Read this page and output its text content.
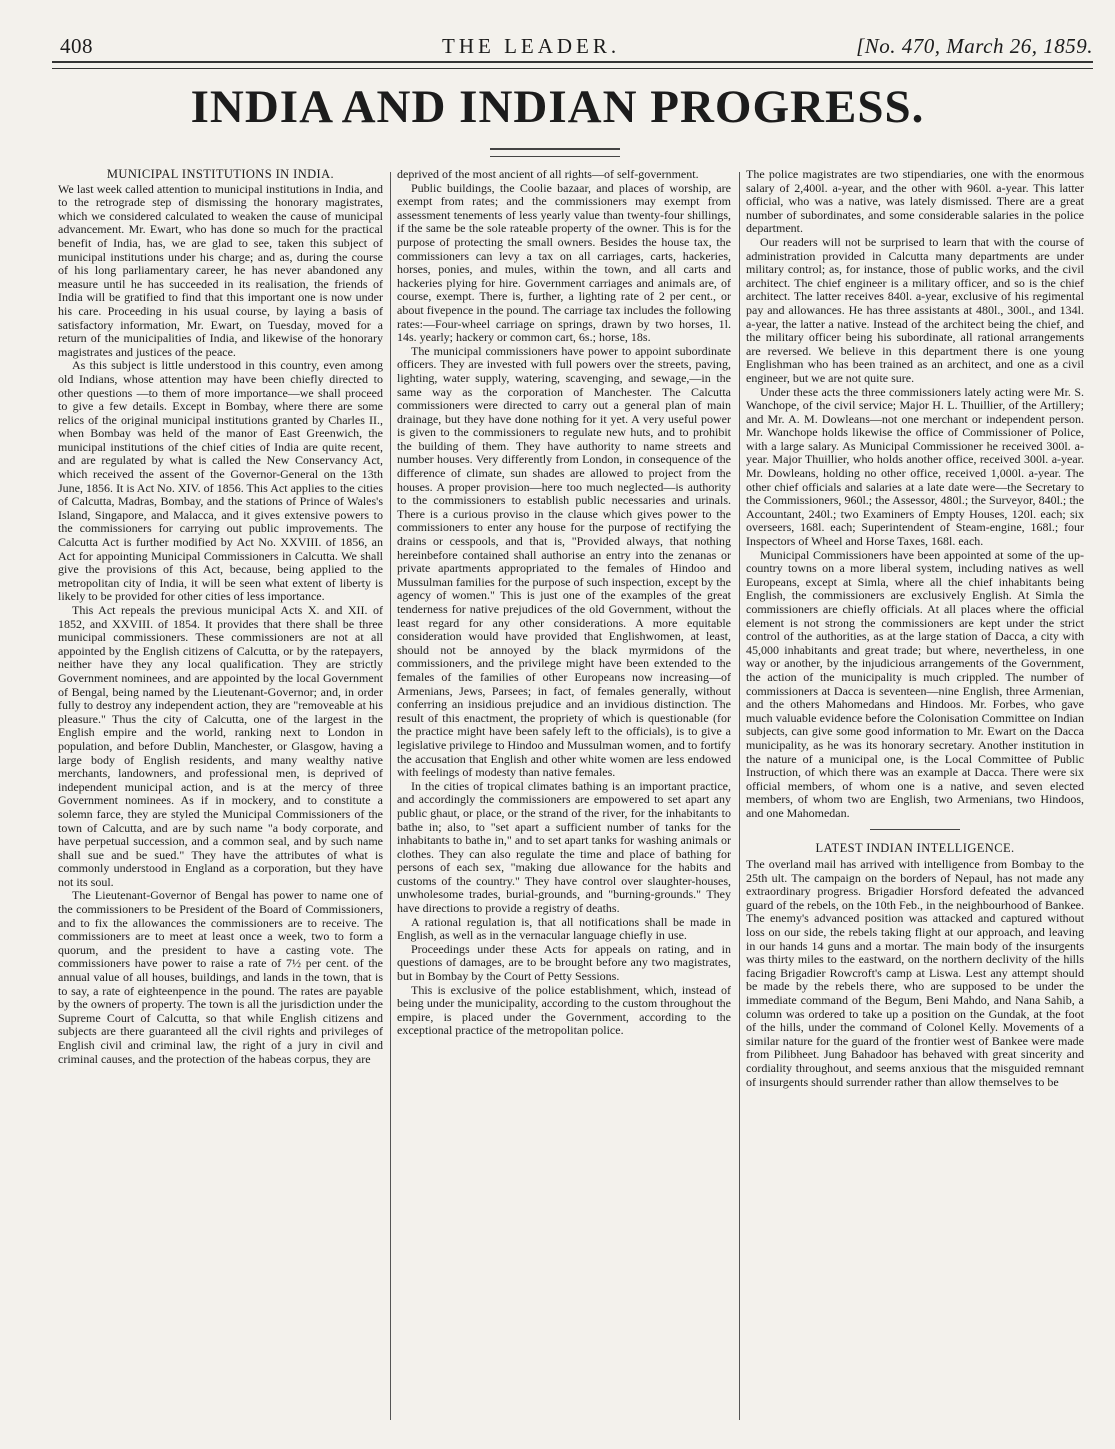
408	THE LEADER.	[No. 470, March 26, 1859.
INDIA AND INDIAN PROGRESS.
MUNICIPAL INSTITUTIONS IN INDIA.

We last week called attention to municipal institutions in India, and to the retrograde step of dismissing the honorary magistrates, which we considered calculated to weaken the cause of municipal advancement. Mr. Ewart, who has done so much for the practical benefit of India, has, we are glad to see, taken this subject of municipal institutions under his charge; and as, during the course of his long parliamentary career, he has never abandoned any measure until he has succeeded in its realisation, the friends of India will be gratified to find that this important one is now under his care. Proceeding in his usual course, by laying a basis of satisfactory information, Mr. Ewart, on Tuesday, moved for a return of the municipalities of India, and likewise of the honorary magistrates and justices of the peace.

As this subject is little understood in this country, even among old Indians, whose attention may have been chiefly directed to other questions —to them of more importance—we shall proceed to give a few details. Except in Bombay, where there are some relics of the original municipal institutions granted by Charles II., when Bombay was held of the manor of East Greenwich, the municipal institutions of the chief cities of India are quite recent, and are regulated by what is called the New Conservancy Act, which received the assent of the Governor-General on the 13th June, 1856. It is Act No. XIV. of 1856. This Act applies to the cities of Calcutta, Madras, Bombay, and the stations of Prince of Wales's Island, Singapore, and Malacca, and it gives extensive powers to the commissioners for carrying out public improvements. The Calcutta Act is further modified by Act No. XXVIII. of 1856, an Act for appointing Municipal Commissioners in Calcutta. We shall give the provisions of this Act, because, being applied to the metropolitan city of India, it will be seen what extent of liberty is likely to be provided for other cities of less importance.

This Act repeals the previous municipal Acts X. and XII. of 1852, and XXVIII. of 1854. It provides that there shall be three municipal commissioners. These commissioners are not at all appointed by the English citizens of Calcutta, or by the ratepayers, neither have they any local qualification. They are strictly Government nominees, and are appointed by the local Government of Bengal, being named by the Lieutenant-Governor; and, in order fully to destroy any independent action, they are "removeable at his pleasure." Thus the city of Calcutta, one of the largest in the English empire and the world, ranking next to London in population, and before Dublin, Manchester, or Glasgow, having a large body of English residents, and many wealthy native merchants, landowners, and professional men, is deprived of independent municipal action, and is at the mercy of three Government nominees. As if in mockery, and to constitute a solemn farce, they are styled the Municipal Commissioners of the town of Calcutta, and are by such name "a body corporate, and have perpetual succession, and a common seal, and by such name shall sue and be sued." They have the attributes of what is commonly understood in England as a corporation, but they have not its soul.

The Lieutenant-Governor of Bengal has power to name one of the commissioners to be President of the Board of Commissioners, and to fix the allowances the commissioners are to receive. The commissioners are to meet at least once a week, two to form a quorum, and the president to have a casting vote. The commissioners have power to raise a rate of 7½ per cent. of the annual value of all houses, buildings, and lands in the town, that is to say, a rate of eighteenpence in the pound. The rates are payable by the owners of property. The town is all the jurisdiction under the Supreme Court of Calcutta, so that while English citizens and subjects are there guaranteed all the civil rights and privileges of English civil and criminal law, the right of a jury in civil and criminal causes, and the protection of the habeas corpus, they are

deprived of the most ancient of all rights—of self-government.

Public buildings, the Coolie bazaar, and places of worship, are exempt from rates; and the commissioners may exempt from assessment tenements of less yearly value than twenty-four shillings, if the same be the sole rateable property of the owner. This is for the purpose of protecting the small owners. Besides the house tax, the commissioners can levy a tax on all carriages, carts, hackeries, horses, ponies, and mules, within the town, and all carts and hackeries plying for hire. Government carriages and animals are, of course, exempt. There is, further, a lighting rate of 2 per cent., or about fivepence in the pound. The carriage tax includes the following rates:—Four-wheel carriage on springs, drawn by two horses, 1l. 14s. yearly; hackery or common cart, 6s.; horse, 18s.

The municipal commissioners have power to appoint subordinate officers. They are invested with full powers over the streets, paving, lighting, water supply, watering, scavenging, and sewage,—in the same way as the corporation of Manchester. The Calcutta commissioners were directed to carry out a general plan of main drainage, but they have done nothing for it yet. A very useful power is given to the commissioners to regulate new huts, and to prohibit the building of them. They have authority to name streets and number houses. Very differently from London, in consequence of the difference of climate, sun shades are allowed to project from the houses. A proper provision—here too much neglected—is authority to the commissioners to establish public necessaries and urinals. There is a curious proviso in the clause which gives power to the commissioners to enter any house for the purpose of rectifying the drains or cesspools, and that is, "Provided always, that nothing hereinbefore contained shall authorise an entry into the zenanas or private apartments appropriated to the females of Hindoo and Mussulman families for the purpose of such inspection, except by the agency of women." This is just one of the examples of the great tenderness for native prejudices of the old Government, without the least regard for any other considerations. A more equitable consideration would have provided that Englishwomen, at least, should not be annoyed by the black myrmidons of the commissioners, and the privilege might have been extended to the females of the families of other Europeans now increasing—of Armenians, Jews, Parsees; in fact, of females generally, without conferring an insidious prejudice and an invidious distinction. The result of this enactment, the propriety of which is questionable (for the practice might have been safely left to the officials), is to give a legislative privilege to Hindoo and Mussulman women, and to fortify the accusation that English and other white women are less endowed with feelings of modesty than native females.

In the cities of tropical climates bathing is an important practice, and accordingly the commissioners are empowered to set apart any public ghaut, or place, or the strand of the river, for the inhabitants to bathe in; also, to "set apart a sufficient number of tanks for the inhabitants to bathe in," and to set apart tanks for washing animals or clothes. They can also regulate the time and place of bathing for persons of each sex, "making due allowance for the habits and customs of the country." They have control over slaughter-houses, unwholesome trades, burial-grounds, and "burning-grounds." They have directions to provide a registry of deaths.

A rational regulation is, that all notifications shall be made in English, as well as in the vernacular language chiefly in use.

Proceedings under these Acts for appeals on rating, and in questions of damages, are to be brought before any two magistrates, but in Bombay by the Court of Petty Sessions.

This is exclusive of the police establishment, which, instead of being under the municipality, according to the custom throughout the empire, is placed under the Government, according to the exceptional practice of the metropolitan police.

The police magistrates are two stipendiaries, one with the enormous salary of 2,400l. a-year, and the other with 960l. a-year. This latter official, who was a native, was lately dismissed. There are a great number of subordinates, and some considerable salaries in the police department.

Our readers will not be surprised to learn that with the course of administration provided in Calcutta many departments are under military control; as, for instance, those of public works, and the civil architect. The chief engineer is a military officer, and so is the chief architect. The latter receives 840l. a-year, exclusive of his regimental pay and allowances. He has three assistants at 480l., 300l., and 134l. a-year, the latter a native. Instead of the architect being the chief, and the military officer being his subordinate, all rational arrangements are reversed. We believe in this department there is one young Englishman who has been trained as an architect, and one as a civil engineer, but we are not quite sure.

Under these acts the three commissioners lately acting were Mr. S. Wanchope, of the civil service; Major H. L. Thuillier, of the Artillery; and Mr. A. M. Dowleans—not one merchant or independent person. Mr. Wanchope holds likewise the office of Commissioner of Police, with a large salary. As Municipal Commissioner he received 300l. a-year. Major Thuillier, who holds another office, received 300l. a-year. Mr. Dowleans, holding no other office, received 1,000l. a-year. The other chief officials and salaries at a late date were—the Secretary to the Commissioners, 960l.; the Assessor, 480l.; the Surveyor, 840l.; the Accountant, 240l.; two Examiners of Empty Houses, 120l. each; six overseers, 168l. each; Superintendent of Steam-engine, 168l.; four Inspectors of Wheel and Horse Taxes, 168l. each.

Municipal Commissioners have been appointed at some of the up-country towns on a more liberal system, including natives as well Europeans, except at Simla, where all the chief inhabitants being English, the commissioners are exclusively English. At Simla the commissioners are chiefly officials. At all places where the official element is not strong the commissioners are kept under the strict control of the authorities, as at the large station of Dacca, a city with 45,000 inhabitants and great trade; but where, nevertheless, in one way or another, by the injudicious arrangements of the Government, the action of the municipality is much crippled. The number of commissioners at Dacca is seventeen—nine English, three Armenian, and the others Mahomedans and Hindoos. Mr. Forbes, who gave much valuable evidence before the Colonisation Committee on Indian subjects, can give some good information to Mr. Ewart on the Dacca municipality, as he was its honorary secretary. Another institution in the nature of a municipal one, is the Local Committee of Public Instruction, of which there was an example at Dacca. There were six official members, of whom one is a native, and seven elected members, of whom two are English, two Armenians, two Hindoos, and one Mahomedan.

LATEST INDIAN INTELLIGENCE.

The overland mail has arrived with intelligence from Bombay to the 25th ult. The campaign on the borders of Nepaul, has not made any extraordinary progress. Brigadier Horsford defeated the advanced guard of the rebels, on the 10th Feb., in the neighbourhood of Bankee. The enemy's advanced position was attacked and captured without loss on our side, the rebels taking flight at our approach, and leaving in our hands 14 guns and a mortar. The main body of the insurgents was thirty miles to the eastward, on the northern declivity of the hills facing Brigadier Rowcroft's camp at Liswa. Lest any attempt should be made by the rebels there, who are supposed to be under the immediate command of the Begum, Beni Mahdo, and Nana Sahib, a column was ordered to take up a position on the Gundak, at the foot of the hills, under the command of Colonel Kelly. Movements of a similar nature for the guard of the frontier west of Bankee were made from Pilibheet. Jung Bahadoor has behaved with great sincerity and cordiality throughout, and seems anxious that the misguided remnant of insurgents should surrender rather than allow themselves to be
